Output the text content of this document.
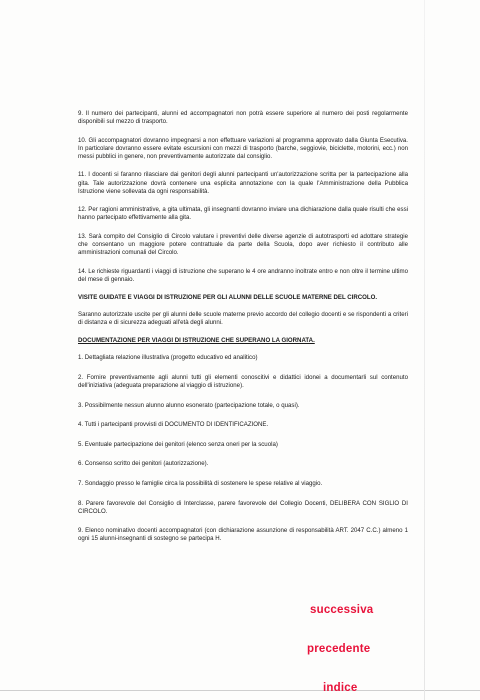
9. Il numero dei partecipanti, alunni ed accompagnatori non potrà essere superiore al numero dei posti regolarmente disponibili sul mezzo di trasporto.

10. Gli accompagnatori dovranno impegnarsi a non effettuare variazioni al programma approvato dalla Giunta Esecutiva. In particolare dovranno essere evitate escursioni con mezzi di trasporto (barche, seggiovie, biciclette, motorini, ecc.) non messi pubblici in genere, non preventivamente autorizzate dal consiglio.

11. I docenti si faranno rilasciare dai genitori degli alunni partecipanti un'autorizzazione scritta per la partecipazione alla gita. Tale autorizzazione dovrà contenere una esplicita annotazione con la quale l'Amministrazione della Pubblica Istruzione viene sollevata da ogni responsabilità.

12. Per ragioni amministrative, a gita ultimata, gli insegnanti dovranno inviare una dichiarazione dalla quale risulti che essi hanno partecipato effettivamente alla gita.

13. Sarà compito del Consiglio di Circolo valutare i preventivi delle diverse agenzie di autotrasporti ed adottare strategie che consentano un maggiore potere contrattuale da parte della Scuola, dopo aver richiesto il contributo alle amministrazioni comunali del Circolo.

14. Le richieste riguardanti i viaggi di istruzione che superano le 4 ore andranno inoltrate entro e non oltre il termine ultimo del mese di gennaio.

VISITE GUIDATE E VIAGGI DI ISTRUZIONE PER GLI ALUNNI DELLE SCUOLE MATERNE DEL CIRCOLO.

Saranno autorizzate uscite per gli alunni delle scuole materne previo accordo del collegio docenti e se rispondenti a criteri di distanza e di sicurezza adeguati all'età degli alunni.

DOCUMENTAZIONE PER VIAGGI DI ISTRUZIONE CHE SUPERANO LA GIORNATA.

1. Dettagliata relazione illustrativa (progetto educativo ed analitico)

2. Fornire preventivamente agli alunni tutti gli elementi conoscitivi e didattici idonei a documentarli sul contenuto dell'iniziativa (adeguata preparazione al viaggio di istruzione).

3. Possibilmente nessun alunno alunno esonerato (partecipazione totale, o quasi).

4. Tutti i partecipanti provvisti di DOCUMENTO DI IDENTIFICAZIONE.

5. Eventuale partecipazione dei genitori (elenco senza oneri per la scuola)

6. Consenso scritto dei genitori (autorizzazione).

7. Sondaggio presso le famiglie circa la possibilità di sostenere le spese relative al viaggio.

8. Parere favorevole del Consiglio di Interclasse, parere favorevole del Collegio Docenti, DELIBERA CON SIGLIO DI CIRCOLO.

9. Elenco nominativo docenti accompagnatori (con dichiarazione assunzione di responsabilità ART. 2047 C.C.) almeno 1 ogni 15 alunni-insegnanti di sostegno se partecipa H.

successiva
precedente
indice
